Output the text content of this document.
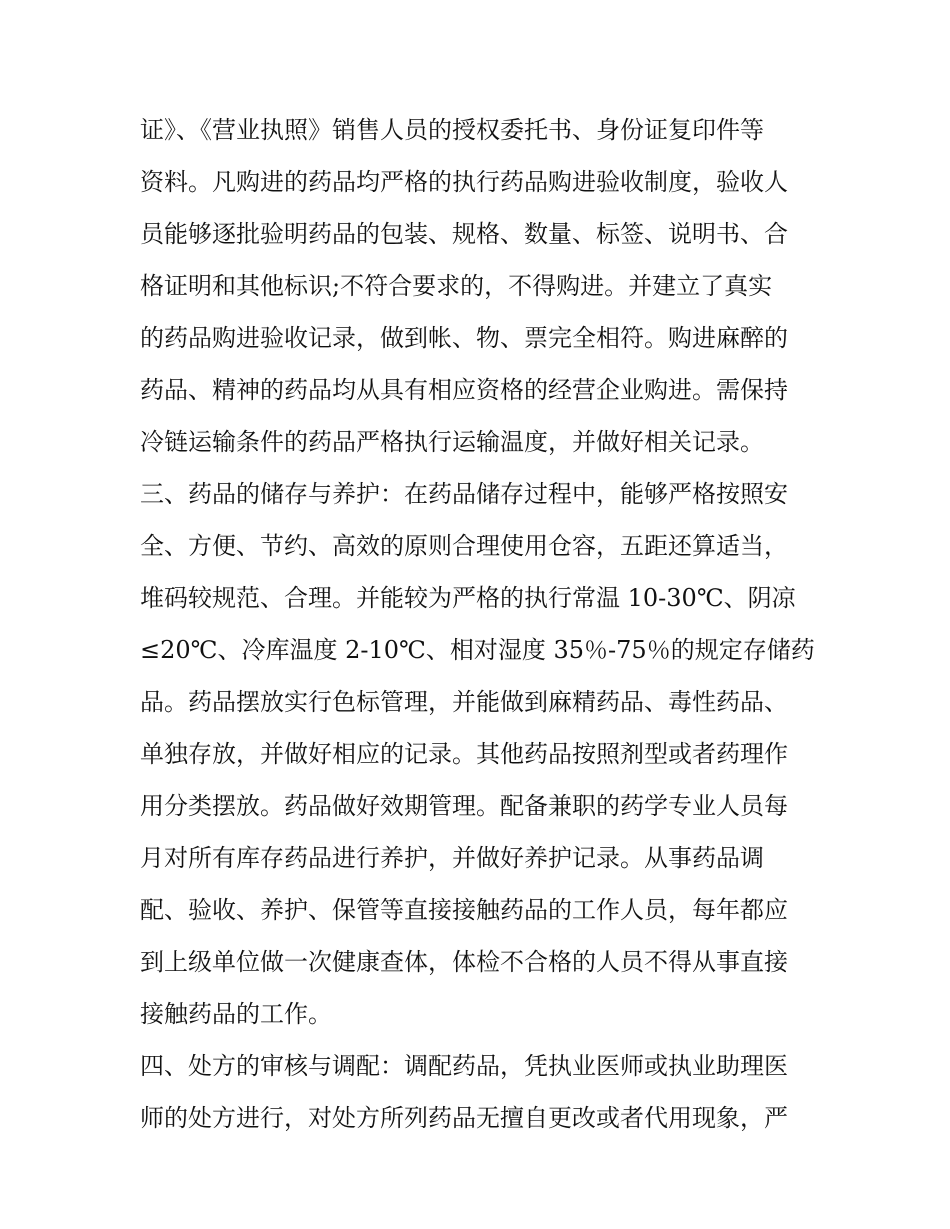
证》、《营业执照》销售人员的授权委托书、身份证复印件等
资料。凡购进的药品均严格的执行药品购进验收制度，验收人
员能够逐批验明药品的包装、规格、数量、标签、说明书、合
格证明和其他标识;不符合要求的，不得购进。并建立了真实
的药品购进验收记录，做到帐、物、票完全相符。购进麻醉的
药品、精神的药品均从具有相应资格的经营企业购进。需保持
冷链运输条件的药品严格执行运输温度，并做好相关记录。
三、药品的储存与养护：在药品储存过程中，能够严格按照安
全、方便、节约、高效的原则合理使用仓容，五距还算适当，
堆码较规范、合理。并能较为严格的执行常温 10-30℃、阴凉
≤20℃、冷库温度 2-10℃、相对湿度 35％-75％的规定存储药
品。药品摆放实行色标管理，并能做到麻精药品、毒性药品、
单独存放，并做好相应的记录。其他药品按照剂型或者药理作
用分类摆放。药品做好效期管理。配备兼职的药学专业人员每
月对所有库存药品进行养护，并做好养护记录。从事药品调
配、验收、养护、保管等直接接触药品的工作人员，每年都应
到上级单位做一次健康查体，体检不合格的人员不得从事直接
接触药品的工作。
四、处方的审核与调配：调配药品，凭执业医师或执业助理医
师的处方进行，对处方所列药品无擅自更改或者代用现象，严
